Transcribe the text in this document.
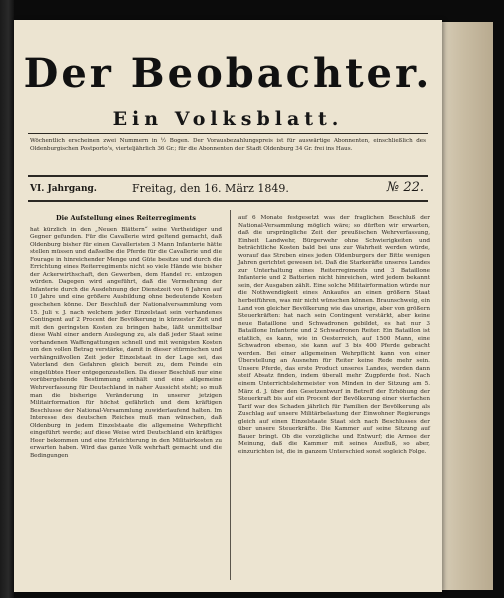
Der Beobachter.
Ein Volksblatt.
Wöchentlich erscheinen zwei Nummern in ½ Bogen. Der Vorausbezahlungspreis ist für auswärtige Abonnenten, einschließlich des Oldenburgischen Postporto's, vierteljährlich 36 Gr.; für die Abonnenten der Stadt Oldenburg 34 Gr. frei ins Haus.
VI. Jahrgang.	Freitag, den 16. März 1849.	№ 22.

Die Aufstellung eines Reiterregiments

hat kürzlich in den „Neuen Blättern“ seine Vertheidiger und Gegner gefunden. Für die Cavallerie wird geltend gemacht, daß Oldenburg bisher für einen Cavalleristen 3 Mann Infanterie hätte stellen müssen und daßselbe die Pferde für die Cavallerie und die Fourage in hinreichender Menge und Güte besitze und durch die Errichtung eines Reiterregiments nicht so viele Hände wie bisher der Ackerwirthschaft, den Gewerben, dem Handel rc. entzogen würden. Dagegen wird angeführt, daß die Vermehrung der Infanterie durch die Ausdehnung der Dienstzeit von 6 Jahren auf 10 Jahre und eine größere Ausbildung ohne bedeutende Kosten geschehen könne. Der Beschluß der Nationalversammlung vom 15. Juli v. J. nach welchem jeder Einzelstaat sein verhandenes Contingent auf 2 Procent der Bevölkerung in kürzester Zeit und mit den geringsten Kosten zu bringen habe, läßt unmittelbar diese Wahl einer andern Auslegung zu, als daß jeder Staat seine vorhandenen Waffengattungen schnell und mit wenigsten Kosten um den vollen Betrag verstärke, damit in dieser stürmischen und verhängnißvollen Zeit jeder Einzelstaat in der Lage sei, das Vaterland den Gefahren gleich bereit zu, dem Feinde ein eingelübtes Heer entgegenzustellen. Da dieser Beschluß nur eine vorübergehende Bestimmung enthält und eine allgemeine Wehrverfassung für Deutschland in naher Aussicht steht; so muß man die bisherige Veränderung in unserer jetzigen Militairformation für höchst gefährlich und dem kräftigen Beschlusse der National-Versammlung zuwiderlaufend halten. Im Interesse des deutschen Reiches muß man wünschen, daß Oldenburg in jedem Einzelstaate die allgemeine Wehrpflicht eingeführt werde; auf diese Weise wird Deutschland ein kräftiges Heer bekommen und eine Erleichterung in den Militairkosten zu erwarten haben. Wird das ganze Volk wehrhaft gemacht und die Bedingungen

auf 6 Monate festgesetzt was der fraglichen Beschluß der National-Versammlung möglich wäre; so dürften wir erwarten, daß die ursprüngliche Zeit der preußischen Wehrverfassung, Einheit Landwehr, Bürgerwehr ohne Schwierigkeiten und beträchtliche Kosten bald bei uns zur Wahrheit werden würde, worauf das Streben eines jeden Oldenburgers der Bitte wenigen Jahren gerichtet gewesen ist. Daß die Starkeräfte unseres Landes zur Unterhaltung eines Reiterregiments und 3 Bataillone Infanterie und 2 Batterien nicht hinreichen, wird jedem bekannt sein, der Ausgaben zählt. Eine solche Militairformation würde nur die Nothwendigkeit eines Ankaufes an einen größern Staat herbeiführen, was mir nicht wünschen können. Braunschweig, ein Land von gleicher Bevölkerung wie das unsrige, aber von größern Steuerkräften: hat nach sein Contingent verstärkt, aber keine neue Bataillone und Schwadronen gebildet, es hat nur 3 Bataillone Infanterie und 2 Schwadronen Reiter. Ein Bataillon ist etatlich, es kann, wie in Oesterreich, auf 1500 Mann, eine Schwadron ebenso, sie kann auf 3 bis 400 Pferde gebracht werden. Bei einer allgemeinen Wehrpflicht kann von einer Überstellung an Ausnehm für Reiter keine Rede mehr sein. Unsere Pferde, das erste Product unseres Landes, werden dann steif Absatz finden, indem überall mehr Zugpferde fest. Nach einem Unterrichtslehrmeister von Minden in der Sitzung am 5. März d. J. über den Gesetzentwurf in Betreff der Erhöhung der Steuerkraft bis auf ein Procent der Bevölkerung einer vierfachen Tarif war des Schaden jährlich für Familien der Bevölkerung als Zuschlag auf unsere Militärbelastung der Einwohner Regierungs gleich auf einen Einzelstaate Staat sich nach Beschlusses der über unsere Steuerkräfte. Die Kammer auf seine Sitzung auf Bauer bringt. Ob die vorzügliche und Entwurf; die Armee der Meinung, daß die Kammer mit seines Ausfluß, so aber, einzurichten ist, die in ganzem Unterschied sonst sogleich Folge.
